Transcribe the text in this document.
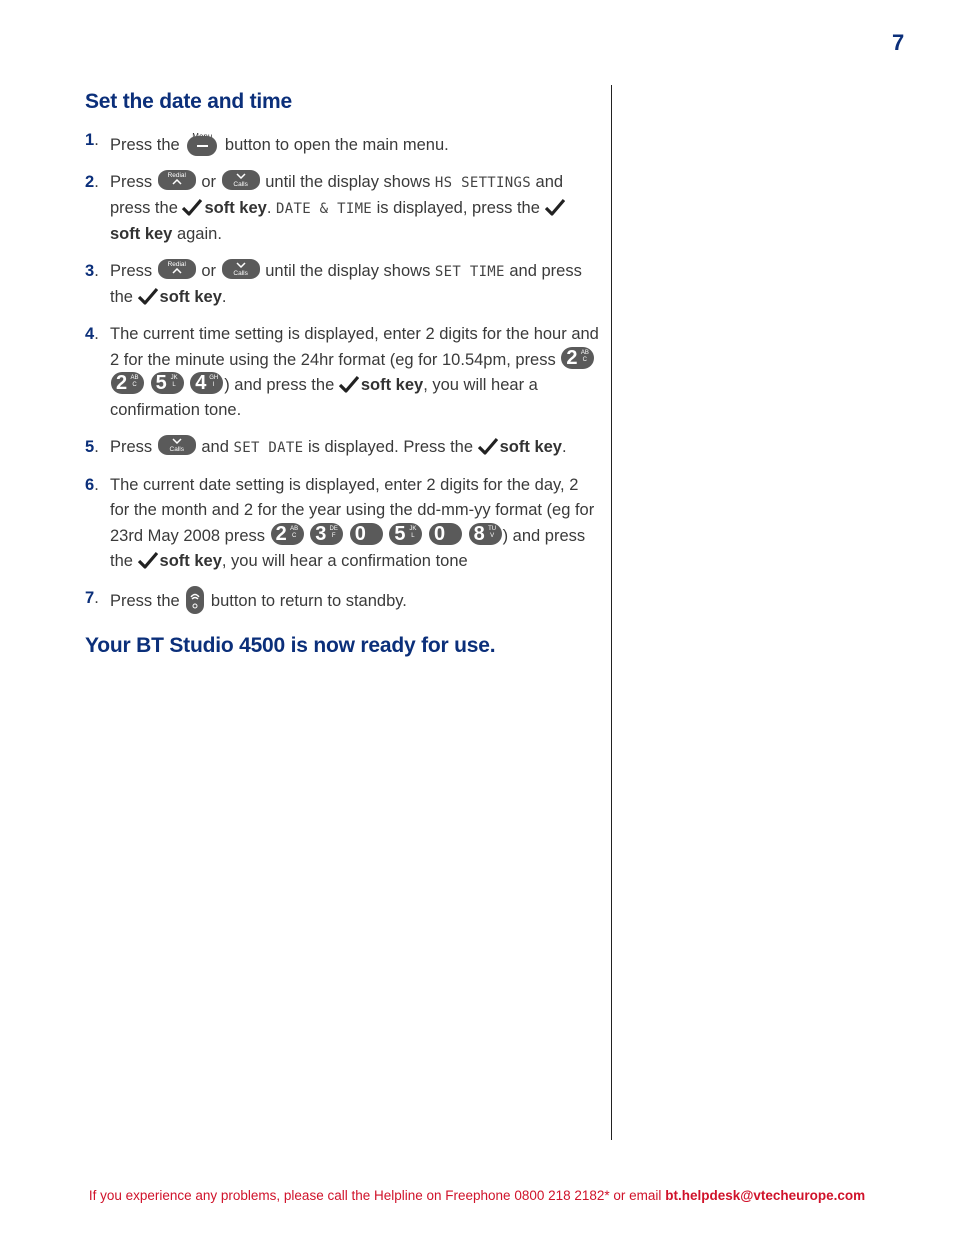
7
Set the date and time
1 . Press the	button to open the main menu.
2 . Press	Redial or	Calls	until the display shows HS SETTINGS and press the soft key. DATE & TIME is displayed, press the

soft key again.
3 . Press	Redial or	Calls	until the display shows SET TIME and press the soft key.
4 . The current time setting is displayed, enter 2 digits for the hour and 2 for the minute using the 24hr format (eg for 10.54pm, press 2 AB C

2 AB C
5 JK L
4 GH I ) and press the soft key, you will hear a confirmation tone.
5 . Press	Calls	and SET DATE is displayed. Press the soft key.
6 . The current date setting is displayed, enter 2 digits for the day, 2 for the month and 2 for the year using the dd-mm-yy format (eg for 23rd May 2008 press 2 AB C
3 DE F
0
5 JK L
0
8 TU V ) and press the soft key, you will hear a confirmation tone
7 . Press the button to return to standby.
Your BT Studio 4500 is now ready for use.
If you experience any problems, please call the Helpline on Freephone 0800 218 2182* or email bt.helpdesk@vtecheurope.com
